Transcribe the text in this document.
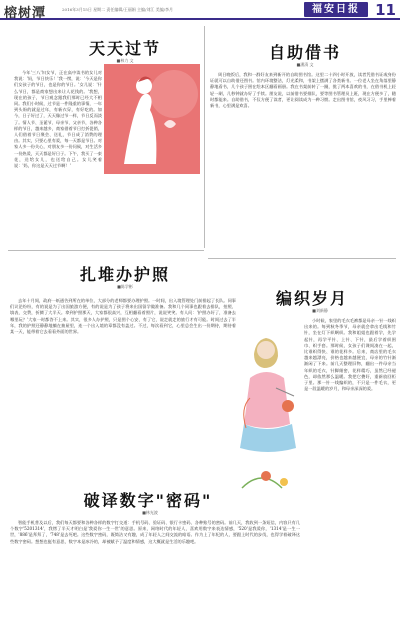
榕树潭	2016年3月15日 星期二 责任编辑/王丽娟 主编/刘江 美编/李月	福安日报	11
天天过节
■林力 文
今年'三八'妇女节，正在高中读书的女儿对我说：'妈，节日快乐！'我一愣，说：'今天是你们女孩子的节日，也是你的节日。'女儿说：'什么节日，都是商家想出来让人花钱的。'我想，现在的孩子，节日观念跟我们那时已经大不相同。我们小时候，过节是一件隆重的事情，一年到头盼的就是过年，有新衣穿，有好吃的。如今，日子好过了，天天像过节一样，节日反而淡了。情人节、圣诞节、母亲节、父亲节，各种各样的节日，越来越多，商家借着节日打折促销，人们借着节日聚会、送礼，节日成了消费的理由。其实，只要心里有爱，每一天都是节日。对家人多一份关心，对朋友多一份问候，对生活多一份热爱，天天都是好日子。下午，我买了一束花，送给女儿，也送给自己。女儿笑着说：'妈，你这是天天过节啊！'
自助借书
■潘清 文
周日晚饭后，我和一群好友来到新开的自助图书馆。这里二十四小时开放，读者凭借书证或身份证就可以自助借还图书。馆内环境整洁，灯光柔和，书架上摆满了各类新书。一位老人坐在角落里静静地看书，几个孩子围在绘本区翻看画册。我在书架前转了一圈，挑了两本喜欢的书，在借书机上轻轻一刷，几秒钟就办好了手续。朋友说，以前借书要排队，要等图书管理员上班，现在方便多了，随时都能来。自助借书，不仅方便了读者，更让阅读成为一种习惯。走出图书馆，夜风习习，手里捧着新书，心里满是欢喜。
扎堆办护照
■陈学彬
去年十月间，政府一纸通告到所在的单位，大部分的老师都要办理护照。一时间，出入境管理处门前排起了长队。同事们议论纷纷，有的说是为了出国旅游方便，有的说是为了孩子将来出国留学做准备。我和几个同事也跟着去排队，拍照、填表、交费，折腾了大半天。拿到护照那天，大家都很高兴，互相翻看着照片，说说笑笑。有人问：'护照办好了，准备去哪里玩？'大家一时都答不上来。其实，很多人办护照，只是图个心安，有了它，说走就走的旅行才有可能。时间过去了半年，我的护照还静静地躺在抽屉里，连一个出入境的章都没有盖过。不过，每次看到它，心里总会生出一份期待，期待着某一天，能带着它去看看外面的世界。
编织岁月
■刘新静
小时候，家里的毛衣毛裤都是母亲一针一线织出来的。每到秋冬季节，母亲就会拿出毛线和竹针，坐在灯下织啊织。我和姐姐也跟着学，先学起针，再学平针、上针、下针，最后学着织围巾、织手套。那时候，女孩子们课间凑在一起，比谁织得快、谁的花样多。后来，商店里的毛衣越来越漂亮，价格也越来越便宜，母亲的竹针渐渐闲了下来。前几天整理旧物，翻出一件母亲当年织的毛衣，针脚细密，花样精巧，虽然已经褪色，却依然那么温暖。我把它叠好，重新放回柜子里。那一针一线编织的，不只是一件毛衣，更是一段温暖的岁月，和母亲深深的爱。
破译数字"密码"
■林光波
智能手机普及以后，我们每天都要和各种各样的数字打交道：手机号码、验证码、银行卡密码、各种账号的密码。前几天，我收到一条短信，内容只有几个数字'5201314'，我愣了半天才明白是'我爱你一生一世'的意思。原来，网络时代的年轻人，喜欢用数字来表达情感，'520'是我爱你，'1314'是一生一世，'886'是拜拜了，'748'是去死吧。这些数字密码，既简洁又有趣，成了年轻人之间交流的暗语。作为上了年纪的人，要跟上时代的步伐，也得学着破译这些数字密码。想想也挺有意思，数字本是冰冷的，却被赋予了温度和情感，这大概就是生活的乐趣吧。
